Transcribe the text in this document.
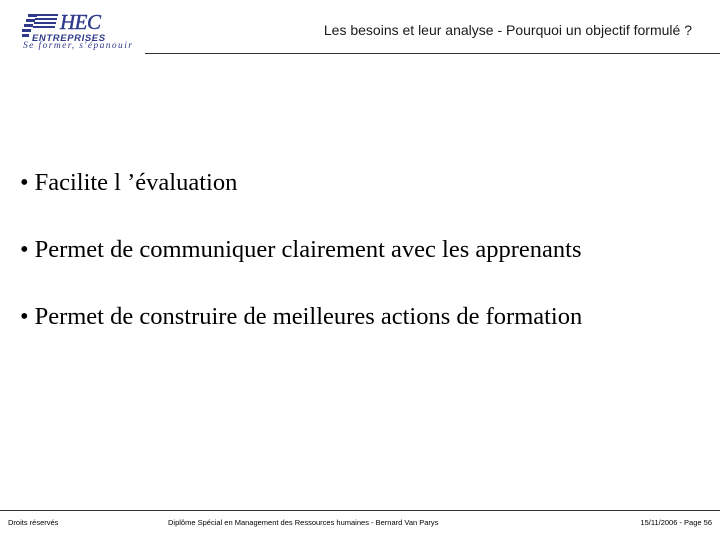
HEC
ENTREPRISES
Se former, s'épanouir
Les besoins et leur analyse - Pourquoi un objectif formulé ?
• Facilite l ’évaluation
• Permet de communiquer clairement avec les apprenants
• Permet de construire de meilleures actions de formation
Droits réservés	Diplôme Spécial en Management des Ressources humaines - Bernard Van Parys	15/11/2006 - Page 56
